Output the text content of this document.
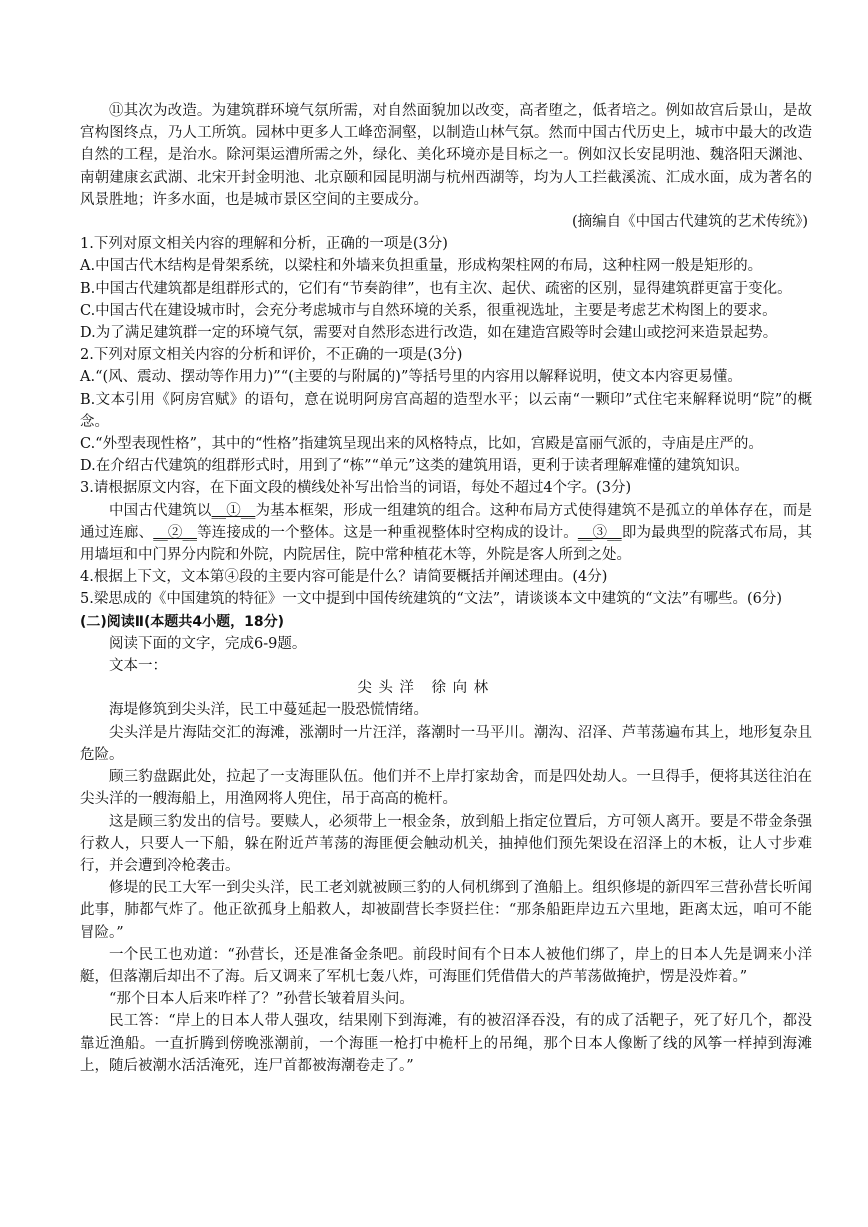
⑪其次为改造。为建筑群环境气氛所需，对自然面貌加以改变，高者堕之，低者培之。例如故宫后景山，是故宫构图终点，乃人工所筑。园林中更多人工峰峦洞壑，以制造山林气氛。然而中国古代历史上，城市中最大的改造自然的工程，是治水。除河渠运漕所需之外，绿化、美化环境亦是目标之一。例如汉长安昆明池、魏洛阳天渊池、南朝建康玄武湖、北宋开封金明池、北京颐和园昆明湖与杭州西湖等，均为人工拦截溪流、汇成水面，成为著名的风景胜地；许多水面，也是城市景区空间的主要成分。

(摘编自《中国古代建筑的艺术传统》)

1.下列对原文相关内容的理解和分析，正确的一项是(3分)

A.中国古代木结构是骨架系统，以梁柱和外墙来负担重量，形成构架柱网的布局，这种柱网一般是矩形的。

B.中国古代建筑都是组群形式的，它们有“节奏韵律”，也有主次、起伏、疏密的区别，显得建筑群更富于变化。

C.中国古代在建设城市时，会充分考虑城市与自然环境的关系，很重视选址，主要是考虑艺术构图上的要求。

D.为了满足建筑群一定的环境气氛，需要对自然形态进行改造，如在建造宫殿等时会建山或挖河来造景起势。

2.下列对原文相关内容的分析和评价，不正确的一项是(3分)

A.“(风、震动、摆动等作用力)”“(主要的与附属的)”等括号里的内容用以解释说明，使文本内容更易懂。

B.文本引用《阿房宫赋》的语句，意在说明阿房宫高超的造型水平；以云南“一颗印”式住宅来解释说明“院”的概念。

C.“外型表现性格”，其中的“性格”指建筑呈现出来的风格特点，比如，宫殿是富丽气派的，寺庙是庄严的。

D.在介绍古代建筑的组群形式时，用到了“栋”“单元”这类的建筑用语，更利于读者理解难懂的建筑知识。

3.请根据原文内容，在下面文段的横线处补写出恰当的词语，每处不超过4个字。(3分)

中国古代建筑以__①__为基本框架，形成一组建筑的组合。这种布局方式使得建筑不是孤立的单体存在，而是通过连廊、__②__等连接成的一个整体。这是一种重视整体时空构成的设计。__③__即为最典型的院落式布局，其用墙垣和中门界分内院和外院，内院居住，院中常种植花木等，外院是客人所到之处。

4.根据上下文，文本第④段的主要内容可能是什么？请简要概括并阐述理由。(4分)

5.梁思成的《中国建筑的特征》一文中提到中国传统建筑的“文法”，请谈谈本文中建筑的“文法”有哪些。(6分)

(二)阅读Ⅱ(本题共4小题，18分)

阅读下面的文字，完成6-9题。

文本一：

尖头洋 徐向林

海堤修筑到尖头洋，民工中蔓延起一股恐慌情绪。

尖头洋是片海陆交汇的海滩，涨潮时一片汪洋，落潮时一马平川。潮沟、沼泽、芦苇荡遍布其上，地形复杂且危险。

顾三豹盘踞此处，拉起了一支海匪队伍。他们并不上岸打家劫舍，而是四处劫人。一旦得手，便将其送往泊在尖头洋的一艘海船上，用渔网将人兜住，吊于高高的桅杆。

这是顾三豹发出的信号。要赎人，必须带上一根金条，放到船上指定位置后，方可领人离开。要是不带金条强行救人，只要人一下船，躲在附近芦苇荡的海匪便会触动机关，抽掉他们预先架设在沼泽上的木板，让人寸步难行，并会遭到冷枪袭击。

修堤的民工大军一到尖头洋，民工老刘就被顾三豹的人伺机绑到了渔船上。组织修堤的新四军三营孙营长听闻此事，肺都气炸了。他正欲孤身上船救人，却被副营长李贤拦住：“那条船距岸边五六里地，距离太远，咱可不能冒险。”

一个民工也劝道：“孙营长，还是准备金条吧。前段时间有个日本人被他们绑了，岸上的日本人先是调来小洋艇，但落潮后却出不了海。后又调来了军机七轰八炸，可海匪们凭借借大的芦苇荡做掩护，愣是没炸着。”

“那个日本人后来咋样了？”孙营长皱着眉头问。

民工答：“岸上的日本人带人强攻，结果刚下到海滩，有的被沼泽吞没，有的成了活靶子，死了好几个，都没靠近渔船。一直折腾到傍晚涨潮前，一个海匪一枪打中桅杆上的吊绳，那个日本人像断了线的风筝一样掉到海滩上，随后被潮水活活淹死，连尸首都被海潮卷走了。”
